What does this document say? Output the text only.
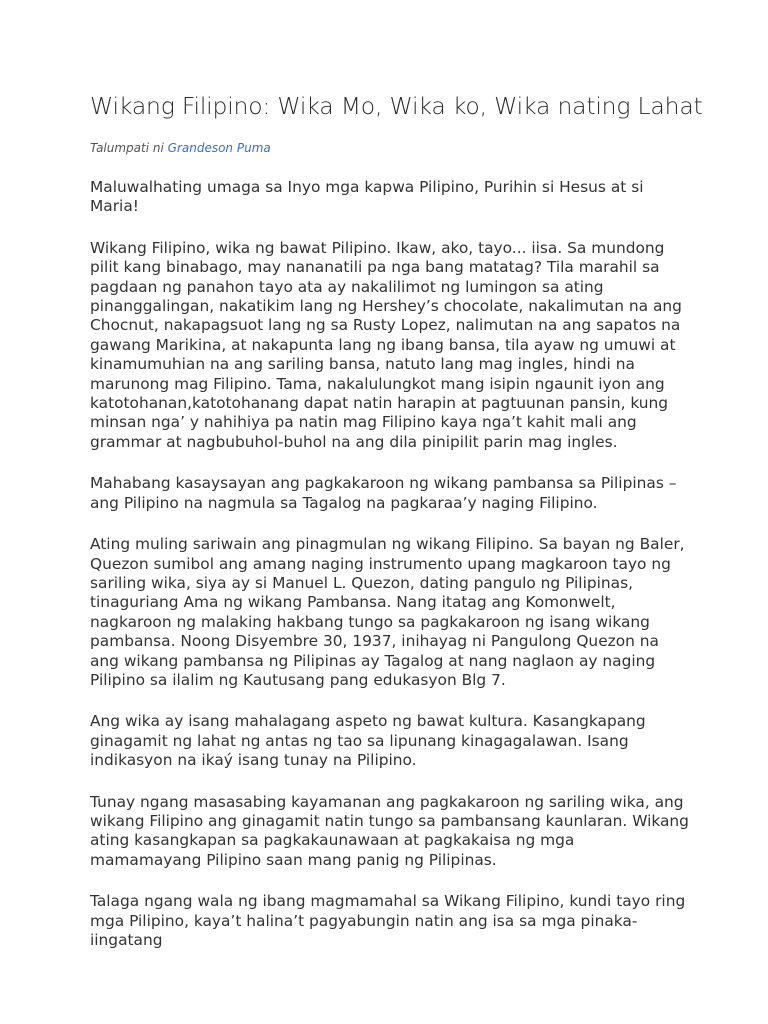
Wikang Filipino: Wika Mo, Wika ko, Wika nating Lahat
Talumpati ni Grandeson Puma

Maluwalhating umaga sa Inyo mga kapwa Pilipino, Purihin si Hesus at si Maria!

Wikang Filipino, wika ng bawat Pilipino. Ikaw, ako, tayo... iisa. Sa mundong pilit kang binabago, may nananatili pa nga bang matatag? Tila marahil sa pagdaan ng panahon tayo ata ay nakalilimot ng lumingon sa ating pinanggalingan, nakatikim lang ng Hershey’s chocolate, nakalimutan na ang Chocnut, nakapagsuot lang ng sa Rusty Lopez, nalimutan na ang sapatos na gawang Marikina, at nakapunta lang ng ibang bansa, tila ayaw ng umuwi at kinamumuhian na ang sariling bansa, natuto lang mag ingles, hindi na marunong mag Filipino. Tama, nakalulungkot mang isipin ngaunit iyon ang katotohanan,katotohanang dapat natin harapin at pagtuunan pansin, kung minsan nga’ y nahihiya pa natin mag Filipino kaya nga’t kahit mali ang grammar at nagbubuhol-buhol na ang dila pinipilit parin mag ingles.

Mahabang kasaysayan ang pagkakaroon ng wikang pambansa sa Pilipinas – ang Pilipino na nagmula sa Tagalog na pagkaraa’y naging Filipino.

Ating muling sariwain ang pinagmulan ng wikang Filipino. Sa bayan ng Baler, Quezon sumibol ang amang naging instrumento upang magkaroon tayo ng sariling wika, siya ay si Manuel L. Quezon, dating pangulo ng Pilipinas, tinaguriang Ama ng wikang Pambansa. Nang itatag ang Komonwelt, nagkaroon ng malaking hakbang tungo sa pagkakaroon ng isang wikang pambansa. Noong Disyembre 30, 1937, inihayag ni Pangulong Quezon na ang wikang pambansa ng Pilipinas ay Tagalog at nang naglaon ay naging Pilipino sa ilalim ng Kautusang pang edukasyon Blg 7.

Ang wika ay isang mahalagang aspeto ng bawat kultura. Kasangkapang ginagamit ng lahat ng antas ng tao sa lipunang kinagagalawan. Isang indikasyon na ikaý isang tunay na Pilipino.

Tunay ngang masasabing kayamanan ang pagkakaroon ng sariling wika, ang wikang Filipino ang ginagamit natin tungo sa pambansang kaunlaran. Wikang ating kasangkapan sa pagkakaunawaan at pagkakaisa ng mga mamamayang Pilipino saan mang panig ng Pilipinas.

Talaga ngang wala ng ibang magmamahal sa Wikang Filipino, kundi tayo ring mga Pilipino, kaya’t halina’t pagyabungin natin ang isa sa mga pinaka-iingatang
